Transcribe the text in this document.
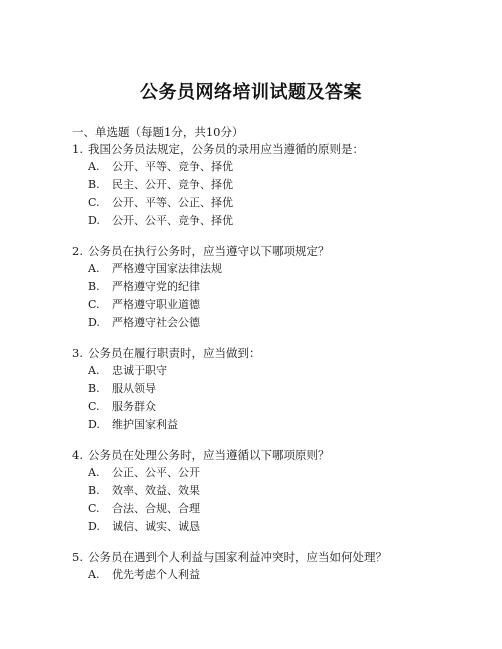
公务员网络培训试题及答案
一、单选题（每题1分，共10分）
1. 我国公务员法规定，公务员的录用应当遵循的原则是：
A. 公开、平等、竞争、择优
B. 民主、公开、竞争、择优
C. 公开、平等、公正、择优
D. 公开、公平、竞争、择优
2. 公务员在执行公务时，应当遵守以下哪项规定？
A. 严格遵守国家法律法规
B. 严格遵守党的纪律
C. 严格遵守职业道德
D. 严格遵守社会公德
3. 公务员在履行职责时，应当做到：
A. 忠诚于职守
B. 服从领导
C. 服务群众
D. 维护国家利益
4. 公务员在处理公务时，应当遵循以下哪项原则？
A. 公正、公平、公开
B. 效率、效益、效果
C. 合法、合规、合理
D. 诚信、诚实、诚恳
5. 公务员在遇到个人利益与国家利益冲突时，应当如何处理？
A. 优先考虑个人利益
